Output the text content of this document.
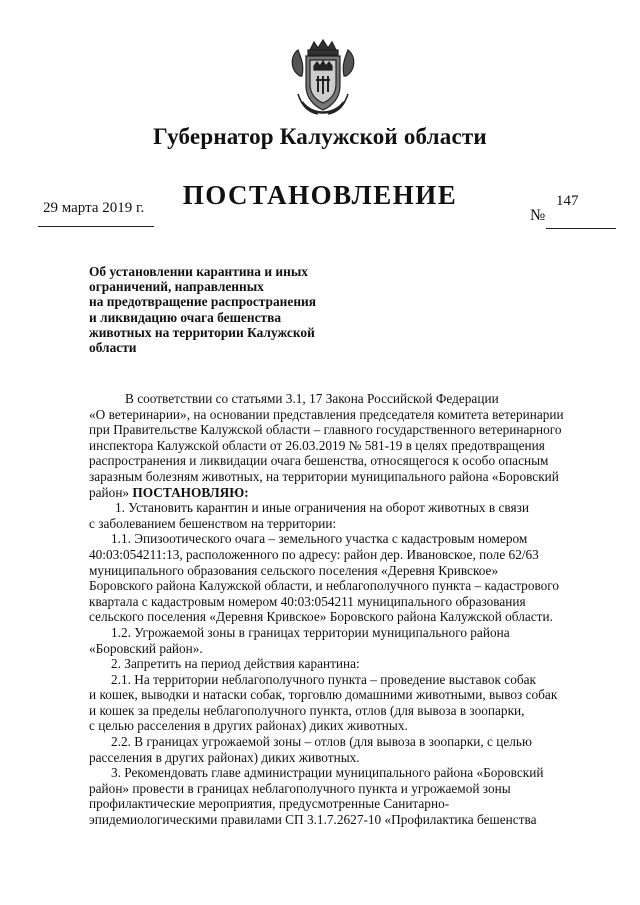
Губернатор Калужской области
ПОСТАНОВЛЕНИЕ
29 марта 2019 г.	147
№
Об установлении карантина и иных
ограничений, направленных
на предотвращение распространения
и ликвидацию очага бешенства
животных на территории Калужской
области
В соответствии со статьями 3.1, 17 Закона Российской Федерации
«О ветеринарии», на основании представления председателя комитета ветеринарии
при Правительстве Калужской области – главного государственного ветеринарного
инспектора Калужской области от 26.03.2019 № 581-19 в целях предотвращения
распространения и ликвидации очага бешенства, относящегося к особо опасным
заразным болезням животных, на территории муниципального района «Боровский
район» ПОСТАНОВЛЯЮ:
1. Установить карантин и иные ограничения на оборот животных в связи
с заболеванием бешенством на территории:
1.1. Эпизоотического очага – земельного участка с кадастровым номером
40:03:054211:13, расположенного по адресу: район дер. Ивановское, поле 62/63
муниципального образования сельского поселения «Деревня Кривское»
Боровского района Калужской области, и неблагополучного пункта – кадастрового
квартала с кадастровым номером 40:03:054211 муниципального образования
сельского поселения «Деревня Кривское» Боровского района Калужской области.
1.2. Угрожаемой зоны в границах территории муниципального района
«Боровский район».
2. Запретить на период действия карантина:
2.1. На территории неблагополучного пункта – проведение выставок собак
и кошек, выводки и натаски собак, торговлю домашними животными, вывоз собак
и кошек за пределы неблагополучного пункта, отлов (для вывоза в зоопарки,
с целью расселения в других районах) диких животных.
2.2. В границах угрожаемой зоны – отлов (для вывоза в зоопарки, с целью
расселения в других районах) диких животных.
3. Рекомендовать главе администрации муниципального района «Боровский
район» провести в границах неблагополучного пункта и угрожаемой зоны
профилактические мероприятия, предусмотренные Санитарно-
эпидемиологическими правилами СП 3.1.7.2627-10 «Профилактика бешенства
